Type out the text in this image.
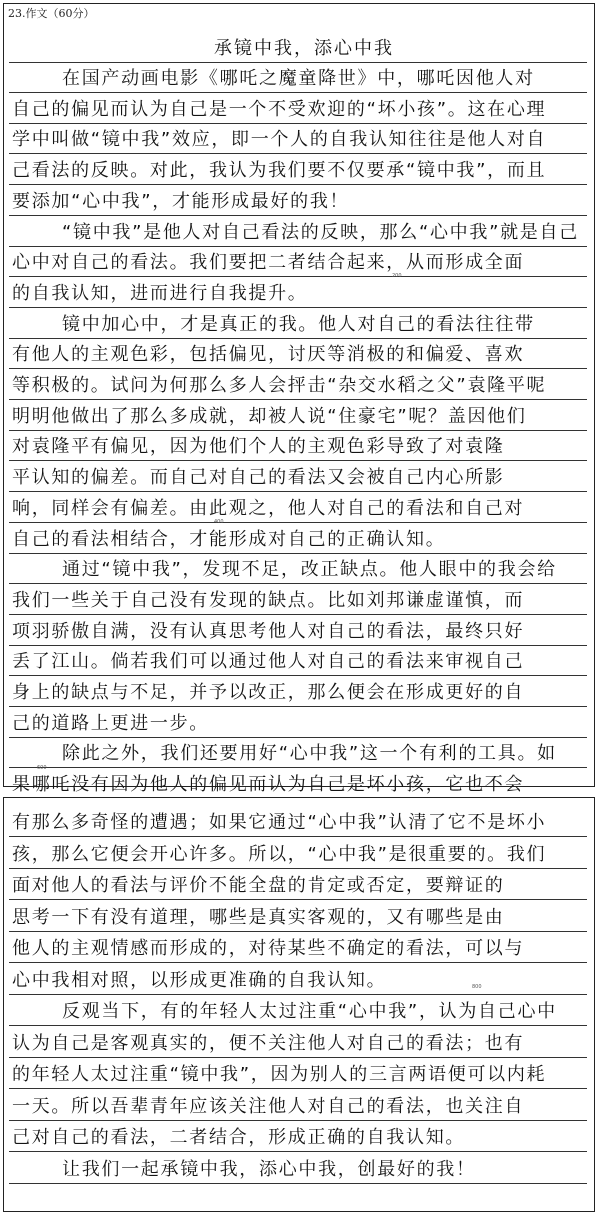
23.作文（60分）
承镜中我，添心中我
在国产动画电影《哪吒之魔童降世》中，哪吒因他人对
自己的偏见而认为自己是一个不受欢迎的“坏小孩”。这在心理
学中叫做“镜中我”效应，即一个人的自我认知往往是他人对自
己看法的反映。对此，我认为我们要不仅要承“镜中我”，而且
要添加“心中我”，才能形成最好的我！
“镜中我”是他人对自己看法的反映，那么“心中我”就是自己
心中对自己的看法。我们要把二者结合起来，从而形成全面
的自我认知，进而进行自我提升。
镜中加心中，才是真正的我。他人对自己的看法往往带
有他人的主观色彩，包括偏见，讨厌等消极的和偏爱、喜欢
等积极的。试问为何那么多人会抨击“杂交水稻之父”袁隆平呢
明明他做出了那么多成就，却被人说“住豪宅”呢？盖因他们
对袁隆平有偏见，因为他们个人的主观色彩导致了对袁隆
平认知的偏差。而自己对自己的看法又会被自己内心所影
响，同样会有偏差。由此观之，他人对自己的看法和自己对
自己的看法相结合，才能形成对自己的正确认知。
通过“镜中我”，发现不足，改正缺点。他人眼中的我会给
我们一些关于自己没有发现的缺点。比如刘邦谦虚谨慎，而
项羽骄傲自满，没有认真思考他人对自己的看法，最终只好
丢了江山。倘若我们可以通过他人对自己的看法来审视自己
身上的缺点与不足，并予以改正，那么便会在形成更好的自
己的道路上更进一步。
除此之外，我们还要用好“心中我”这一个有利的工具。如
果哪吒没有因为他人的偏见而认为自己是坏小孩，它也不会
200
400
600
有那么多奇怪的遭遇；如果它通过“心中我”认清了它不是坏小
孩，那么它便会开心许多。所以，“心中我”是很重要的。我们
面对他人的看法与评价不能全盘的肯定或否定，要辩证的
思考一下有没有道理，哪些是真实客观的，又有哪些是由
他人的主观情感而形成的，对待某些不确定的看法，可以与
心中我相对照，以形成更准确的自我认知。
反观当下，有的年轻人太过注重“心中我”，认为自己心中
认为自己是客观真实的，便不关注他人对自己的看法；也有
的年轻人太过注重“镜中我”，因为别人的三言两语便可以内耗
一天。所以吾辈青年应该关注他人对自己的看法，也关注自
己对自己的看法，二者结合，形成正确的自我认知。
让我们一起承镜中我，添心中我，创最好的我！
800
